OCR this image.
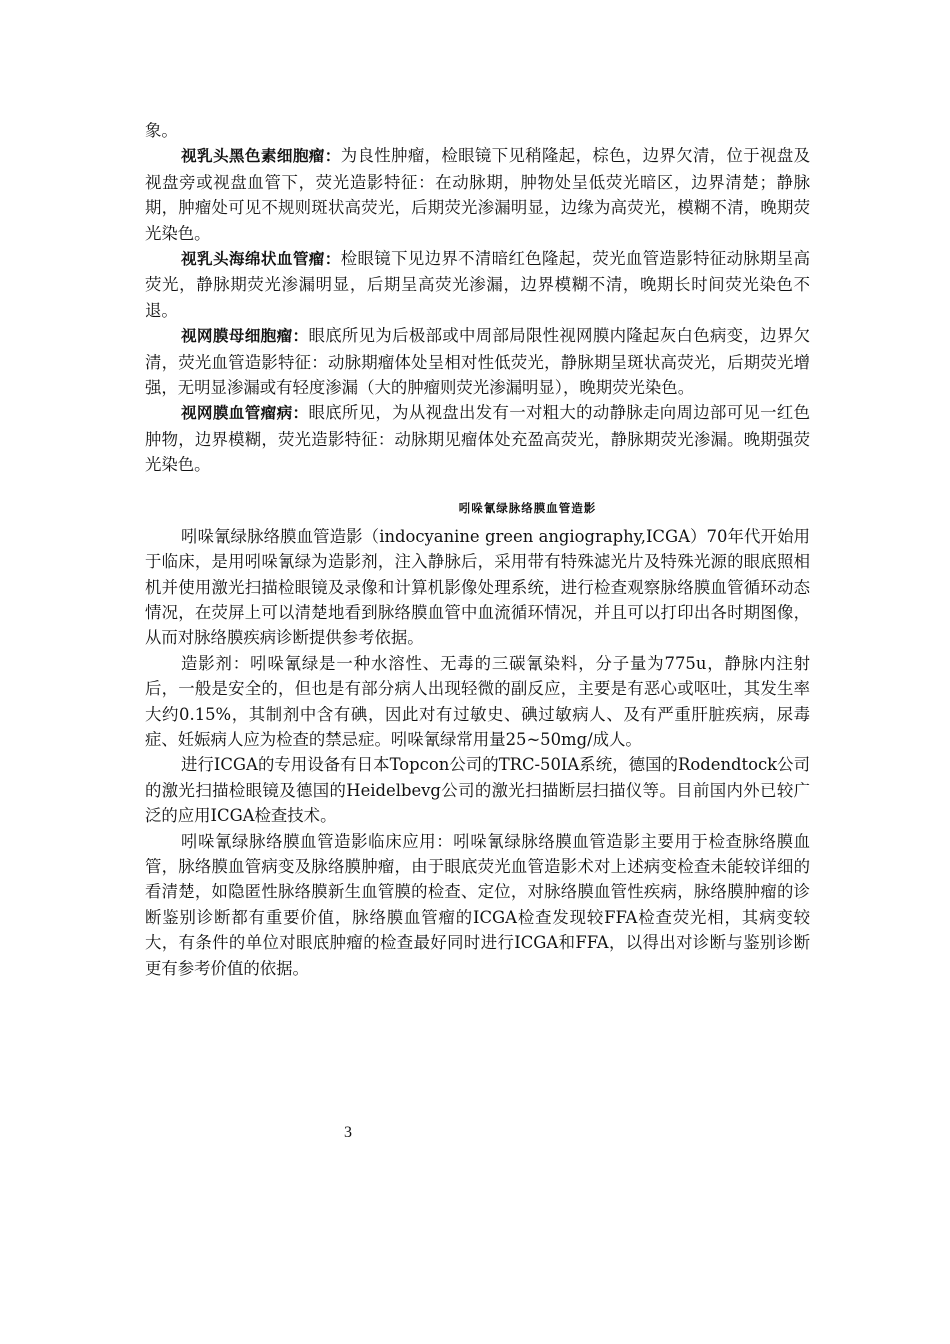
象。

视乳头黑色素细胞瘤：为良性肿瘤，检眼镜下见稍隆起，棕色，边界欠清，位于视盘及视盘旁或视盘血管下，荧光造影特征：在动脉期，肿物处呈低荧光暗区，边界清楚；静脉期，肿瘤处可见不规则斑状高荧光，后期荧光渗漏明显，边缘为高荧光，模糊不清，晚期荧光染色。

视乳头海绵状血管瘤：检眼镜下见边界不清暗红色隆起，荧光血管造影特征动脉期呈高荧光，静脉期荧光渗漏明显，后期呈高荧光渗漏，边界模糊不清，晚期长时间荧光染色不退。

视网膜母细胞瘤：眼底所见为后极部或中周部局限性视网膜内隆起灰白色病变，边界欠清，荧光血管造影特征：动脉期瘤体处呈相对性低荧光，静脉期呈斑状高荧光，后期荧光增强，无明显渗漏或有轻度渗漏（大的肿瘤则荧光渗漏明显），晚期荧光染色。

视网膜血管瘤病：眼底所见，为从视盘出发有一对粗大的动静脉走向周边部可见一红色肿物，边界模糊，荧光造影特征：动脉期见瘤体处充盈高荧光，静脉期荧光渗漏。晚期强荧光染色。

吲哚氰绿脉络膜血管造影

吲哚氰绿脉络膜血管造影（indocyanine green angiography,ICGA）70年代开始用于临床，是用吲哚氰绿为造影剂，注入静脉后，采用带有特殊滤光片及特殊光源的眼底照相机并使用激光扫描检眼镜及录像和计算机影像处理系统，进行检查观察脉络膜血管循环动态情况，在荧屏上可以清楚地看到脉络膜血管中血流循环情况，并且可以打印出各时期图像，从而对脉络膜疾病诊断提供参考依据。

造影剂：吲哚氰绿是一种水溶性、无毒的三碳氰染料，分子量为775u，静脉内注射后，一般是安全的，但也是有部分病人出现轻微的副反应，主要是有恶心或呕吐，其发生率大约0.15%，其制剂中含有碘，因此对有过敏史、碘过敏病人、及有严重肝脏疾病，尿毒症、妊娠病人应为检查的禁忌症。吲哚氰绿常用量25~50mg/成人。

进行ICGA的专用设备有日本Topcon公司的TRC-50IA系统，德国的Rodendtock公司的激光扫描检眼镜及德国的Heidelbevg公司的激光扫描断层扫描仪等。目前国内外已较广泛的应用ICGA检查技术。

吲哚氰绿脉络膜血管造影临床应用：吲哚氰绿脉络膜血管造影主要用于检查脉络膜血管，脉络膜血管病变及脉络膜肿瘤，由于眼底荧光血管造影术对上述病变检查未能较详细的看清楚，如隐匿性脉络膜新生血管膜的检查、定位，对脉络膜血管性疾病，脉络膜肿瘤的诊断鉴别诊断都有重要价值，脉络膜血管瘤的ICGA检查发现较FFA检查荧光相，其病变较大，有条件的单位对眼底肿瘤的检查最好同时进行ICGA和FFA，以得出对诊断与鉴别诊断更有参考价值的依据。

3
